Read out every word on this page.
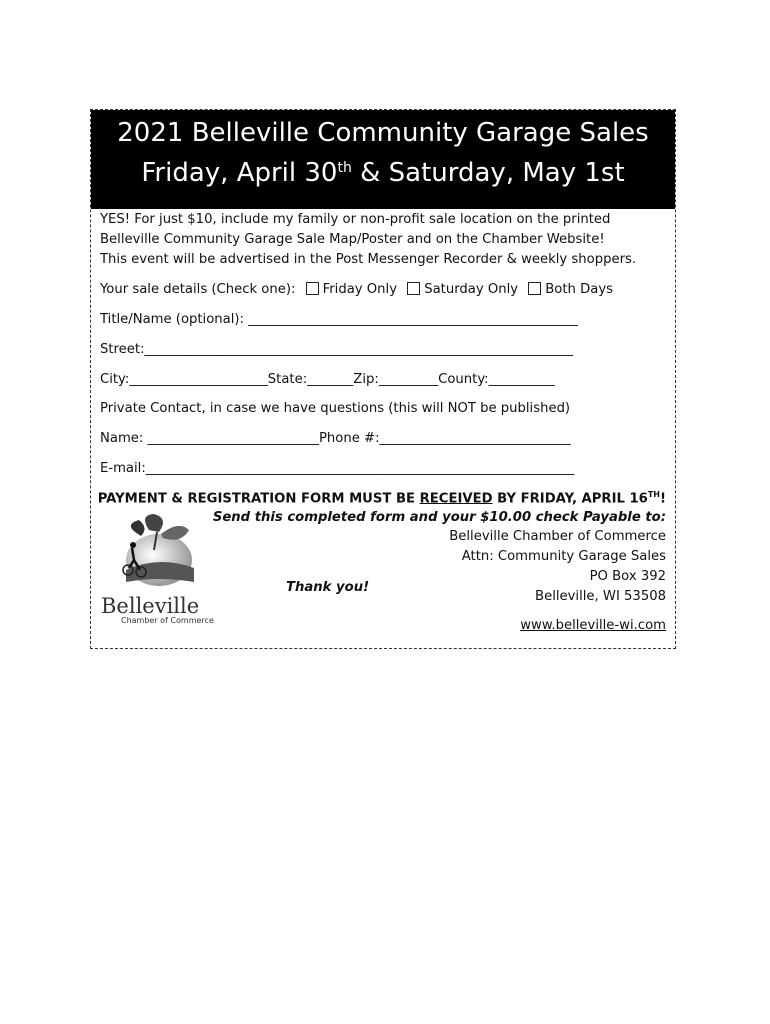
2021 Belleville Community Garage Sales
Friday, April 30th & Saturday, May 1st
YES! For just $10, include my family or non-profit sale location on the printed
Belleville Community Garage Sale Map/Poster and on the Chamber Website!
This event will be advertised in the Post Messenger Recorder & weekly shoppers.
Your sale details (Check one): Friday Only Saturday Only Both Days
Title/Name (optional): __________________________________________________
Street:_________________________________________________________________
City:_____________________State:_______Zip:_________County:__________
Private Contact, in case we have questions (this will NOT be published)
Name: __________________________Phone #:_____________________________
E-mail:_________________________________________________________________
PAYMENT & REGISTRATION FORM MUST BE RECEIVED BY FRIDAY, APRIL 16TH!
Send this completed form and your $10.00 check Payable to:
Belleville Chamber of Commerce
Attn: Community Garage Sales
PO Box 392
Belleville, WI 53508
www.belleville-wi.com
Thank you!
Belleville
Chamber of Commerce
